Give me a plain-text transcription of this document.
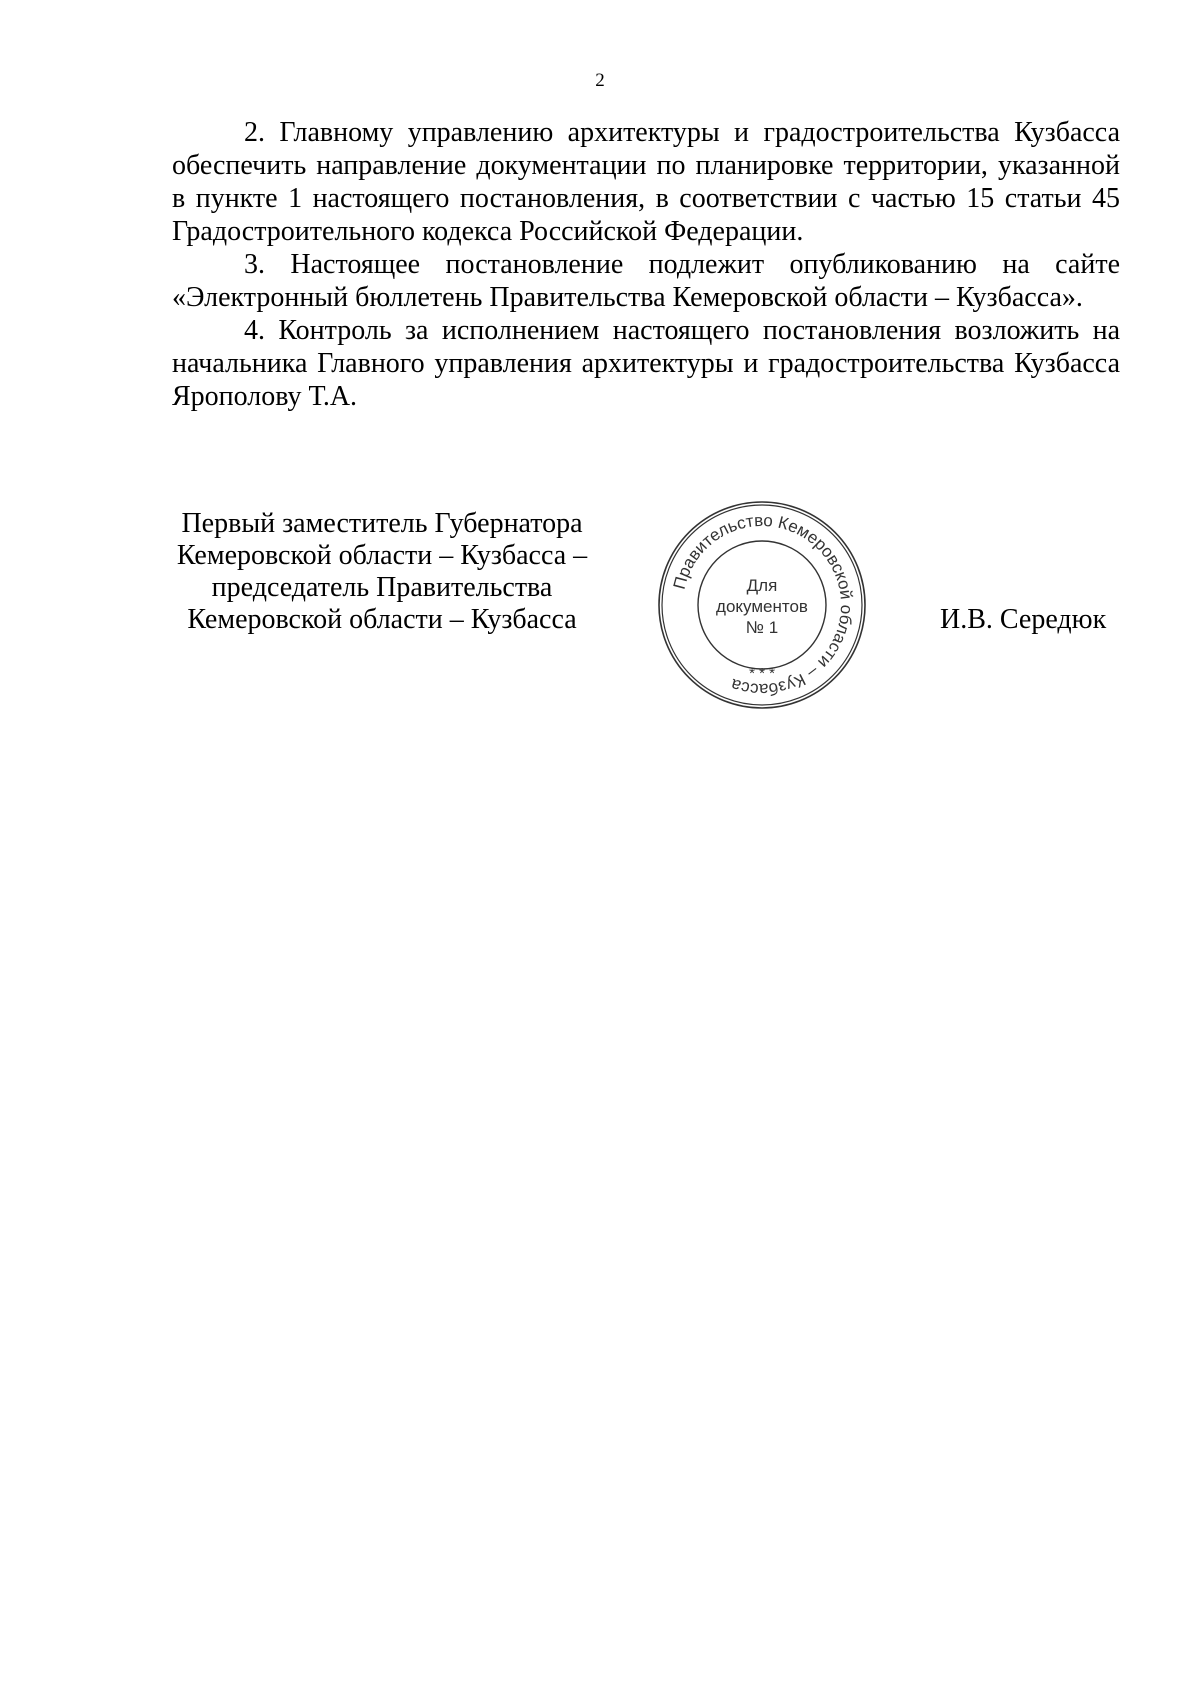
2

2. Главному управлению архитектуры и градостроительства Кузбасса обеспечить направление документации по планировке территории, указанной в пункте 1 настоящего постановления, в соответствии с частью 15 статьи 45 Градостроительного кодекса Российской Федерации.

3. Настоящее постановление подлежит опубликованию на сайте «Электронный бюллетень Правительства Кемеровской области – Кузбасса».

4. Контроль за исполнением настоящего постановления возложить на начальника Главного управления архитектуры и градостроительства Кузбасса Ярополову Т.А.

Первый заместитель Губернатора
Кемеровской области – Кузбасса –
председатель Правительства
Кемеровской области – Кузбасса
Правительство Кемеровской области – Кузбасса
* * *
Для
документов
№ 1	И.В. Середюк
